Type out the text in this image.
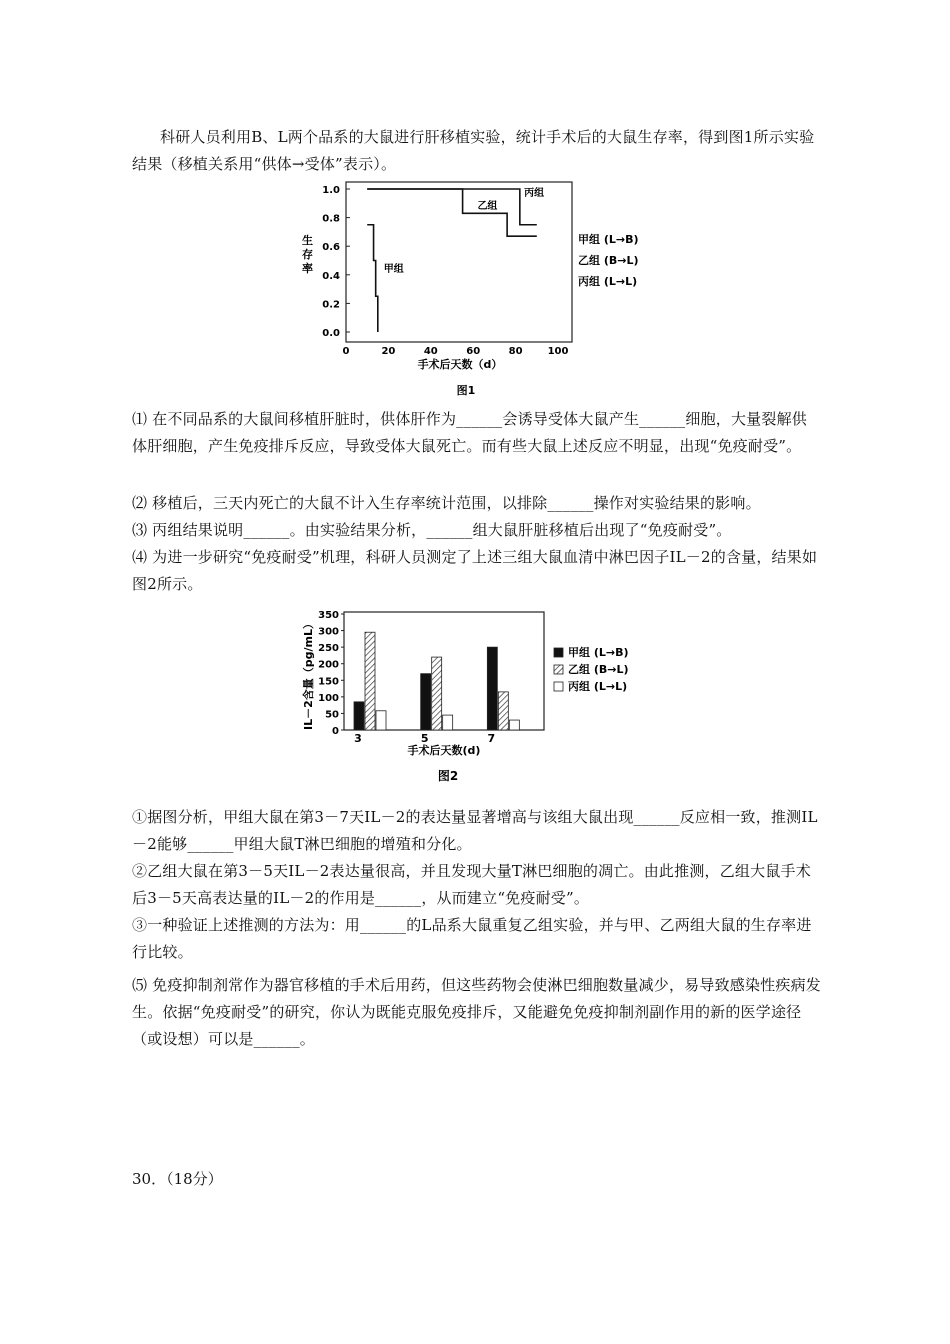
科研人员利用B、L两个品系的大鼠进行肝移植实验，统计手术后的大鼠生存率，得到图1所示实验结果（移植关系用“供体→受体”表示）。

0.0
0.2
0.4
0.6
0.8
1.0
0	20	40	60	80	100
甲组
乙组
丙组
生存率
手术后天数（d）
图1
甲组 (L→B)
乙组 (B→L)
丙组 (L→L)

⑴ 在不同品系的大鼠间移植肝脏时，供体肝作为______会诱导受体大鼠产生______细胞，大量裂解供体肝细胞，产生免疫排斥反应，导致受体大鼠死亡。而有些大鼠上述反应不明显，出现“免疫耐受”。

⑵ 移植后，三天内死亡的大鼠不计入生存率统计范围，以排除______操作对实验结果的影响。

⑶ 丙组结果说明______。由实验结果分析，______组大鼠肝脏移植后出现了“免疫耐受”。

⑷ 为进一步研究“免疫耐受”机理，科研人员测定了上述三组大鼠血清中淋巴因子IL－2的含量，结果如图2所示。

0
50
100
150
200
250
300
350
3	5	7
IL－2含量（pg/mL）
手术后天数(d)
图2
甲组 (L→B)
乙组 (B→L)
丙组 (L→L)

①据图分析，甲组大鼠在第3－7天IL－2的表达量显著增高与该组大鼠出现______反应相一致，推测IL－2能够______甲组大鼠T淋巴细胞的增殖和分化。

②乙组大鼠在第3－5天IL－2表达量很高，并且发现大量T淋巴细胞的凋亡。由此推测，乙组大鼠手术后3－5天高表达量的IL－2的作用是______，从而建立“免疫耐受”。

③一种验证上述推测的方法为：用______的L品系大鼠重复乙组实验，并与甲、乙两组大鼠的生存率进行比较。

⑸ 免疫抑制剂常作为器官移植的手术后用药，但这些药物会使淋巴细胞数量减少，易导致感染性疾病发生。依据“免疫耐受”的研究，你认为既能克服免疫排斥，又能避免免疫抑制剂副作用的新的医学途径（或设想）可以是______。

30．（18分）
